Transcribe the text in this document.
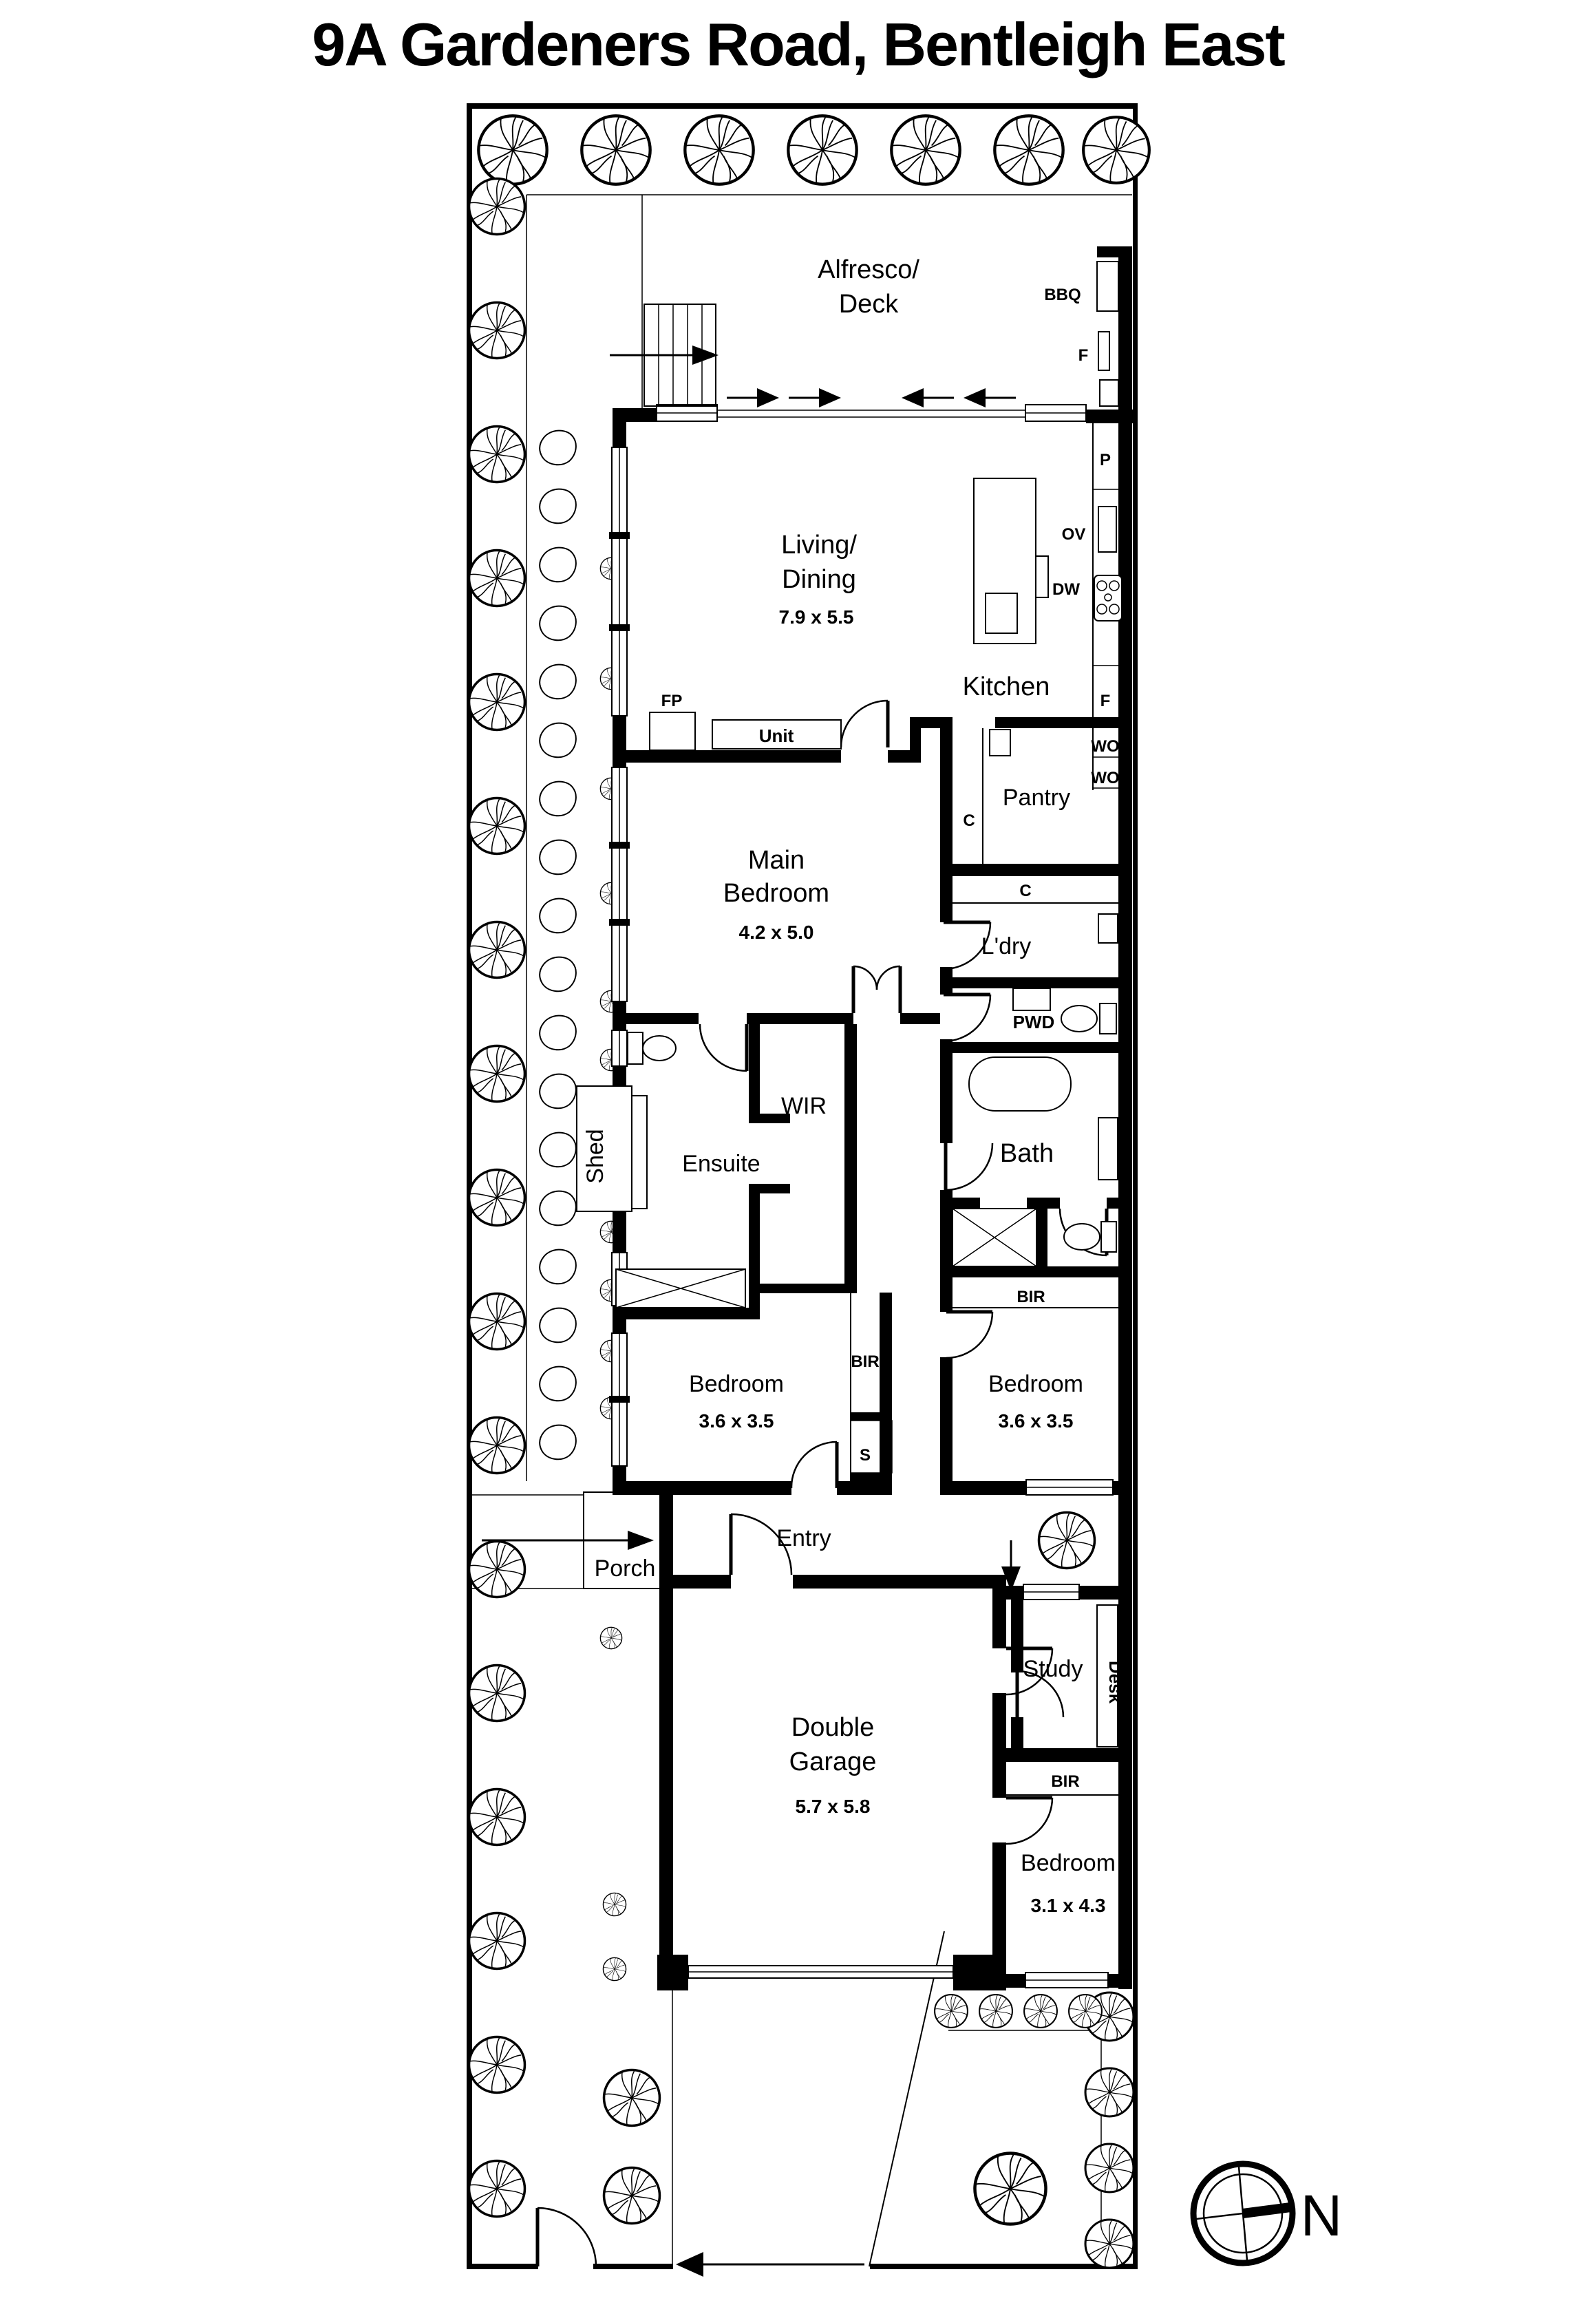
9A Gardeners Road, Bentleigh East
Alfresco/
Deck
Living/
Dining
7.9 x 5.5
Kitchen
Pantry
L'dry
PWD
Bath
Main
Bedroom
4.2 x 5.0
WIR
Ensuite
Shed
Bedroom
3.6 x 3.5
Bedroom
3.6 x 3.5
Entry
Porch
Study
Double
Garage
5.7 x 5.8
Bedroom
3.1 x 4.3
BBQ
F
P
OV
DW
F
WO
WO
FP
Unit
C
C
BIR
BIR
S
BIR
Desk
N
